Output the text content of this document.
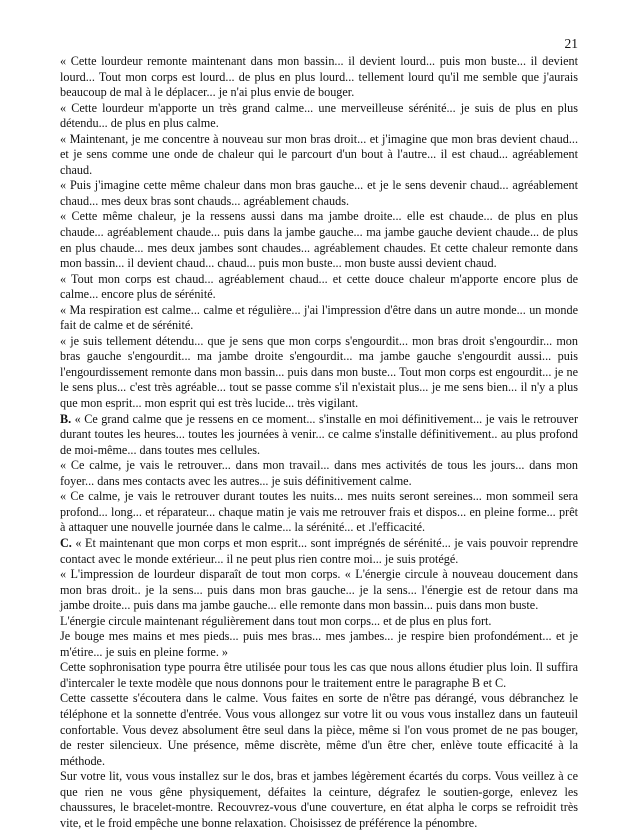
21

« Cette lourdeur remonte maintenant dans mon bassin... il devient lourd... puis mon buste... il devient lourd... Tout mon corps est lourd... de plus en plus lourd... tellement lourd qu'il me semble que j'aurais beaucoup de mal à le déplacer... je n'ai plus envie de bouger.

« Cette lourdeur m'apporte un très grand calme... une merveilleuse sérénité... je suis de plus en plus détendu... de plus en plus calme.

« Maintenant, je me concentre à nouveau sur mon bras droit... et j'imagine que mon bras devient chaud... et je sens comme une onde de chaleur qui le parcourt d'un bout à l'autre... il est chaud... agréablement chaud.

« Puis j'imagine cette même chaleur dans mon bras gauche... et je le sens devenir chaud... agréablement chaud... mes deux bras sont chauds... agréablement chauds.

« Cette même chaleur, je la ressens aussi dans ma jambe droite... elle est chaude... de plus en plus chaude... agréablement chaude... puis dans la jambe gauche... ma jambe gauche devient chaude... de plus en plus chaude... mes deux jambes sont chaudes... agréablement chaudes. Et cette chaleur remonte dans mon bassin... il devient chaud... chaud... puis mon buste... mon buste aussi devient chaud.

« Tout mon corps est chaud... agréablement chaud... et cette douce chaleur m'apporte encore plus de calme... encore plus de sérénité.

« Ma respiration est calme... calme et régulière... j'ai l'impression d'être dans un autre monde... un monde fait de calme et de sérénité.

« je suis tellement détendu... que je sens que mon corps s'engourdit... mon bras droit s'engourdir... mon bras gauche s'engourdit... ma jambe droite s'engourdit... ma jambe gauche s'engourdit aussi... puis l'engourdissement remonte dans mon bassin... puis dans mon buste... Tout mon corps est engourdit... je ne le sens plus... c'est très agréable... tout se passe comme s'il n'existait plus... je me sens bien... il n'y a plus que mon esprit... mon esprit qui est très lucide... très vigilant.

B. « Ce grand calme que je ressens en ce moment... s'installe en moi définitivement... je vais le retrouver durant toutes les heures... toutes les journées à venir... ce calme s'installe définitivement.. au plus profond de moi-même... dans toutes mes cellules.

« Ce calme, je vais le retrouver... dans mon travail... dans mes activités de tous les jours... dans mon foyer... dans mes contacts avec les autres... je suis définitivement calme.

« Ce calme, je vais le retrouver durant toutes les nuits... mes nuits seront sereines... mon sommeil sera profond... long... et réparateur... chaque matin je vais me retrouver frais et dispos... en pleine forme... prêt à attaquer une nouvelle journée dans le calme... la sérénité... et .l'efficacité.

C. « Et maintenant que mon corps et mon esprit... sont imprégnés de sérénité... je vais pouvoir reprendre contact avec le monde extérieur... il ne peut plus rien contre moi... je suis protégé.

« L'impression de lourdeur disparaît de tout mon corps. « L'énergie circule à nouveau doucement dans mon bras droit.. je la sens... puis dans mon bras gauche... je la sens... l'énergie est de retour dans ma jambe droite... puis dans ma jambe gauche... elle remonte dans mon bassin... puis dans mon buste.

L'énergie circule maintenant régulièrement dans tout mon corps... et de plus en plus fort.

Je bouge mes mains et mes pieds... puis mes bras... mes jambes... je respire bien profondément... et je m'étire... je suis en pleine forme. »

Cette sophronisation type pourra être utilisée pour tous les cas que nous allons étudier plus loin. Il suffira d'intercaler le texte modèle que nous donnons pour le traitement entre le paragraphe B et C.

Cette cassette s'écoutera dans le calme. Vous faites en sorte de n'être pas dérangé, vous débranchez le téléphone et la sonnette d'entrée. Vous vous allongez sur votre lit ou vous vous installez dans un fauteuil confortable. Vous devez absolument être seul dans la pièce, même si l'on vous promet de ne pas bouger, de rester silencieux. Une présence, même discrète, même d'un être cher, enlève toute efficacité à la méthode.

Sur votre lit, vous vous installez sur le dos, bras et jambes légèrement écartés du corps. Vous veillez à ce que rien ne vous gêne physiquement, défaites la ceinture, dégrafez le soutien-gorge, enlevez les chaussures, le bracelet-montre. Recouvrez-vous d'une couverture, en état alpha le corps se refroidit très vite, et le froid empêche une bonne relaxation. Choisissez de préférence la pénombre.
